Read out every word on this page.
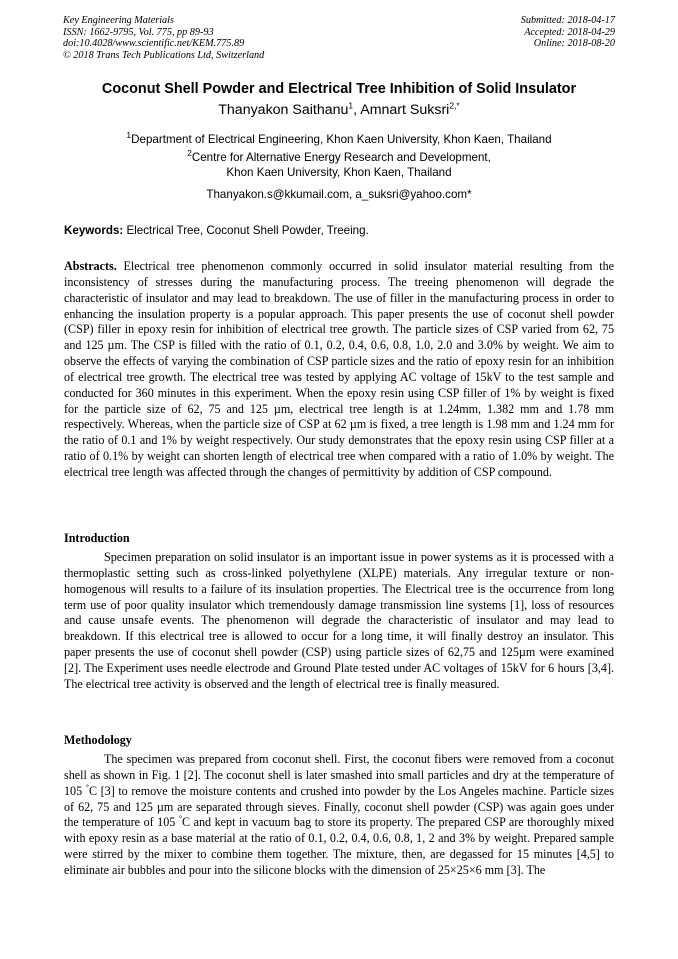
Key Engineering Materials
ISSN: 1662-9795, Vol. 775, pp 89-93
doi:10.4028/www.scientific.net/KEM.775.89
© 2018 Trans Tech Publications Ltd, Switzerland
Submitted: 2018-04-17
Accepted: 2018-04-29
Online: 2018-08-20
Coconut Shell Powder and Electrical Tree Inhibition of Solid Insulator
Thanyakon Saithanu$^1$, Amnart Suksri$^{2,*}$
$^1$Department of Electrical Engineering, Khon Kaen University, Khon Kaen, Thailand
$^2$Centre for Alternative Energy Research and Development,
Khon Kaen University, Khon Kaen, Thailand
Thanyakon.s@kkumail.com, a_suksri@yahoo.com*
Keywords: Electrical Tree, Coconut Shell Powder, Treeing.
Abstracts. Electrical tree phenomenon commonly occurred in solid insulator material resulting from the inconsistency of stresses during the manufacturing process. The treeing phenomenon will degrade the characteristic of insulator and may lead to breakdown. The use of filler in the manufacturing process in order to enhancing the insulation property is a popular approach. This paper presents the use of coconut shell powder (CSP) filler in epoxy resin for inhibition of electrical tree growth. The particle sizes of CSP varied from 62, 75 and 125 µm. The CSP is filled with the ratio of 0.1, 0.2, 0.4, 0.6, 0.8, 1.0, 2.0 and 3.0% by weight. We aim to observe the effects of varying the combination of CSP particle sizes and the ratio of epoxy resin for an inhibition of electrical tree growth. The electrical tree was tested by applying AC voltage of 15kV to the test sample and conducted for 360 minutes in this experiment. When the epoxy resin using CSP filler of 1% by weight is fixed for the particle size of 62, 75 and 125 µm, electrical tree length is at 1.24mm, 1.382 mm and 1.78 mm respectively. Whereas, when the particle size of CSP at 62 µm is fixed, a tree length is 1.98 mm and 1.24 mm for the ratio of 0.1 and 1% by weight respectively. Our study demonstrates that the epoxy resin using CSP filler at a ratio of 0.1% by weight can shorten length of electrical tree when compared with a ratio of 1.0% by weight. The electrical tree length was affected through the changes of permittivity by addition of CSP compound.
Introduction
Specimen preparation on solid insulator is an important issue in power systems as it is processed with a thermoplastic setting such as cross-linked polyethylene (XLPE) materials. Any irregular texture or non-homogenous will results to a failure of its insulation properties. The Electrical tree is the occurrence from long term use of poor quality insulator which tremendously damage transmission line systems [1], loss of resources and cause unsafe events. The phenomenon will degrade the characteristic of insulator and may lead to breakdown. If this electrical tree is allowed to occur for a long time, it will finally destroy an insulator. This paper presents the use of coconut shell powder (CSP) using particle sizes of 62,75 and 125µm were examined [2]. The Experiment uses needle electrode and Ground Plate tested under AC voltages of 15kV for 6 hours [3,4]. The electrical tree activity is observed and the length of electrical tree is finally measured.
Methodology
The specimen was prepared from coconut shell. First, the coconut fibers were removed from a coconut shell as shown in Fig. 1 [2]. The coconut shell is later smashed into small particles and dry at the temperature of 105 °C [3] to remove the moisture contents and crushed into powder by the Los Angeles machine. Particle sizes of 62, 75 and 125 µm are separated through sieves. Finally, coconut shell powder (CSP) was again goes under the temperature of 105 °C and kept in vacuum bag to store its property. The prepared CSP are thoroughly mixed with epoxy resin as a base material at the ratio of 0.1, 0.2, 0.4, 0.6, 0.8, 1, 2 and 3% by weight. Prepared sample were stirred by the mixer to combine them together. The mixture, then, are degassed for 15 minutes [4,5] to eliminate air bubbles and pour into the silicone blocks with the dimension of 25×25×6 mm [3]. The
